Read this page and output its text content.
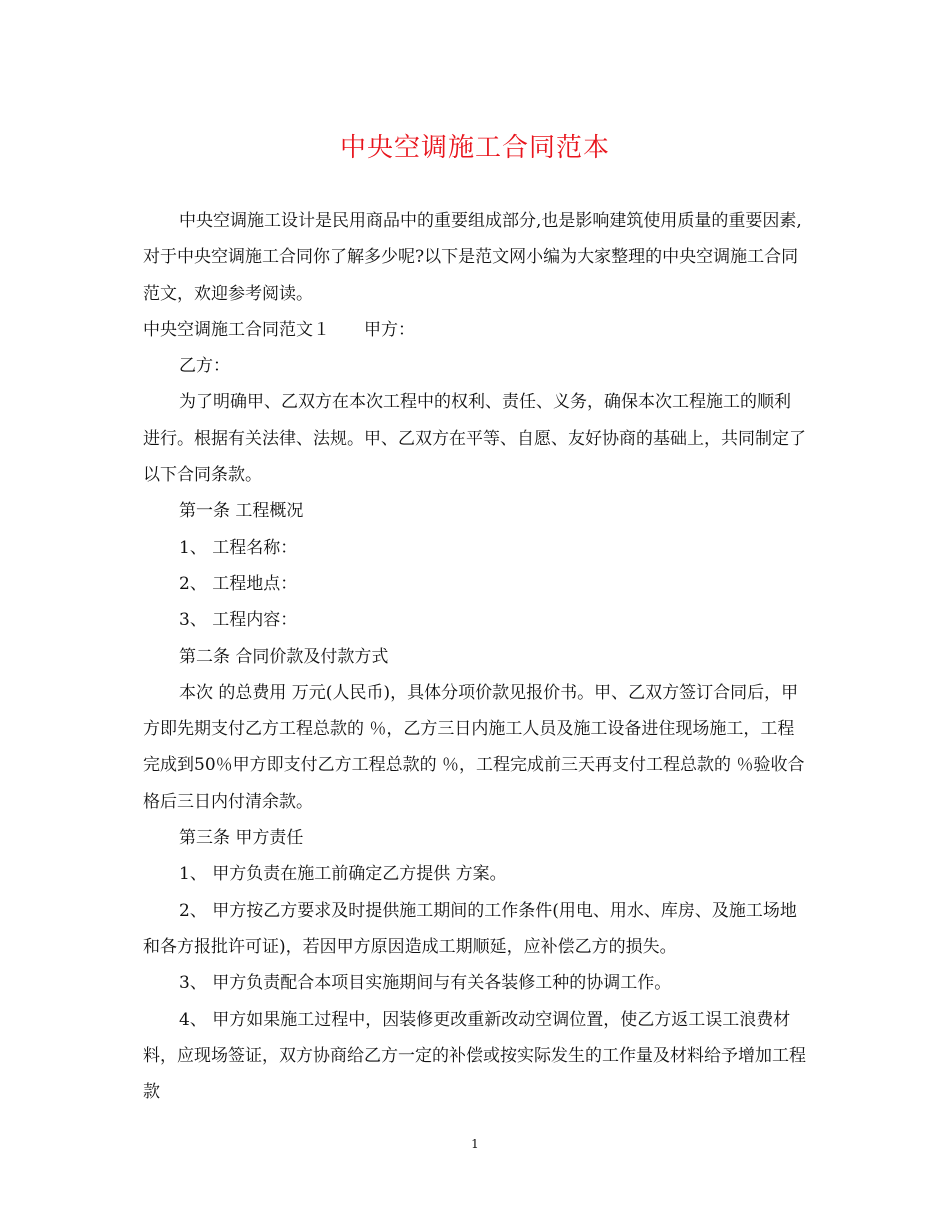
中央空调施工合同范本

中央空调施工设计是民用商品中的重要组成部分,也是影响建筑使用质量的重要因素,对于中央空调施工合同你了解多少呢?以下是范文网小编为大家整理的中央空调施工合同范文，欢迎参考阅读。

中央空调施工合同范文１　　甲方：

乙方：

为了明确甲、乙双方在本次工程中的权利、责任、义务，确保本次工程施工的顺利进行。根据有关法律、法规。甲、乙双方在平等、自愿、友好协商的基础上，共同制定了以下合同条款。

第一条 工程概况

1、 工程名称：

2、 工程地点：

3、 工程内容：

第二条 合同价款及付款方式

本次 的总费用 万元(人民币)，具体分项价款见报价书。甲、乙双方签订合同后，甲方即先期支付乙方工程总款的 ％，乙方三日内施工人员及施工设备进住现场施工，工程完成到50％甲方即支付乙方工程总款的 ％，工程完成前三天再支付工程总款的 ％验收合格后三日内付清余款。

第三条 甲方责任

1、 甲方负责在施工前确定乙方提供 方案。

2、 甲方按乙方要求及时提供施工期间的工作条件(用电、用水、库房、及施工场地和各方报批许可证)，若因甲方原因造成工期顺延，应补偿乙方的损失。

3、 甲方负责配合本项目实施期间与有关各装修工种的协调工作。

4、 甲方如果施工过程中，因装修更改重新改动空调位置，使乙方返工误工浪费材料，应现场签证，双方协商给乙方一定的补偿或按实际发生的工作量及材料给予增加工程款

1
